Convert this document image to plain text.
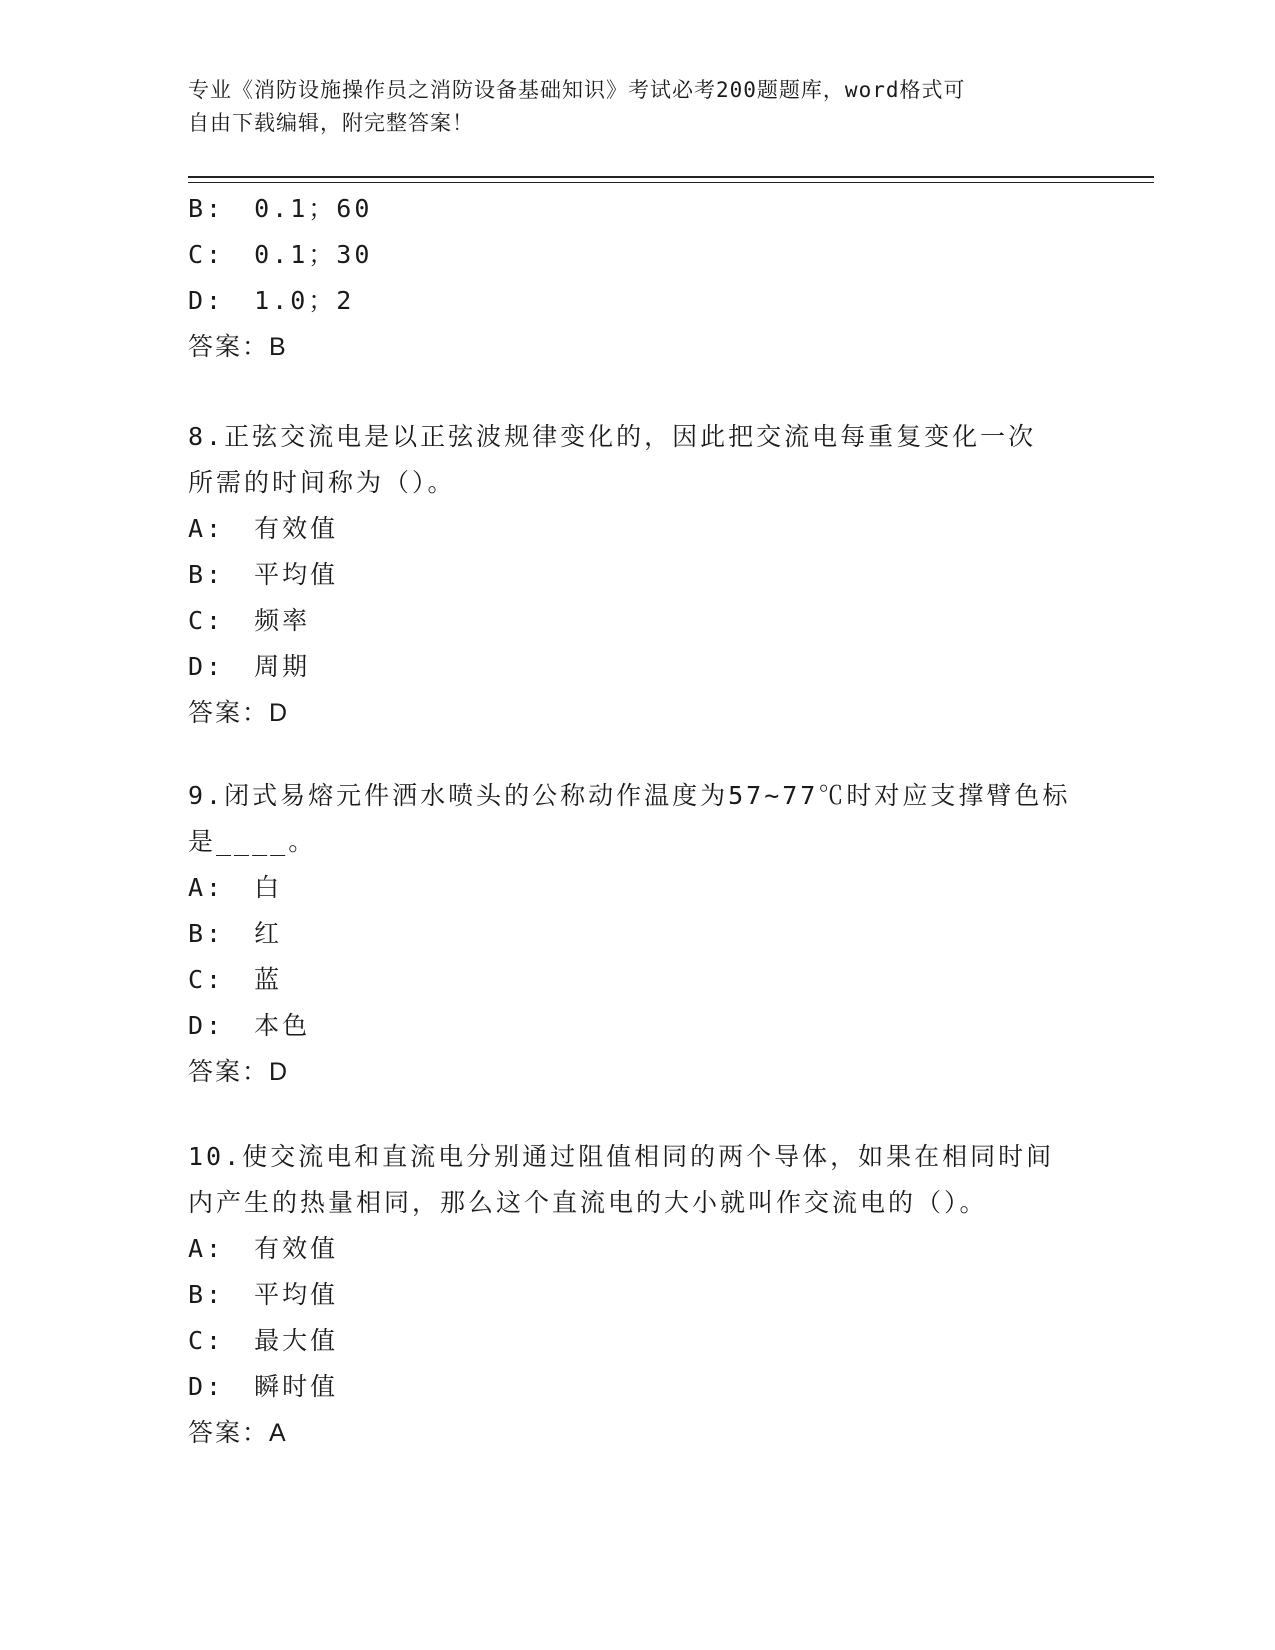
专业《消防设施操作员之消防设备基础知识》考试必考200题题库，word格式可
自由下载编辑，附完整答案！
B: 0.1；60
C: 0.1；30
D: 1.0；2
答案：B
8.正弦交流电是以正弦波规律变化的，因此把交流电每重复变化一次
所需的时间称为（）。
A: 有效值
B: 平均值
C: 频率
D: 周期
答案：D
9.闭式易熔元件洒水喷头的公称动作温度为57~77℃时对应支撑臂色标
是____。
A: 白
B: 红
C: 蓝
D: 本色
答案：D
10.使交流电和直流电分别通过阻值相同的两个导体，如果在相同时间
内产生的热量相同，那么这个直流电的大小就叫作交流电的（）。
A: 有效值
B: 平均值
C: 最大值
D: 瞬时值
答案：A
